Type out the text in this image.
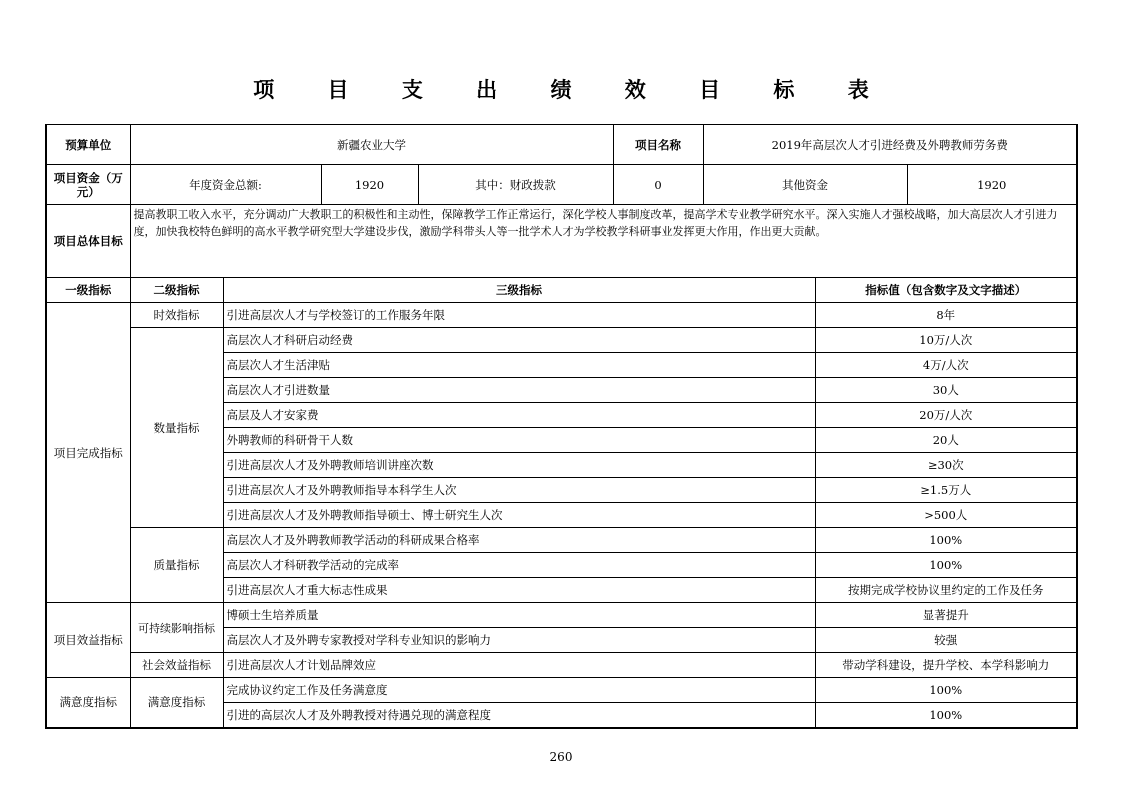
项 目 支 出 绩 效 目 标 表
预算单位	新疆农业大学				项目名称	2019年高层次人才引进经费及外聘教师劳务费		
项目资金（万元）	年度资金总额:		1920	其中：财政拨款	0	其他资金		1920
项目总体目标	提高教职工收入水平，充分调动广大教职工的积极性和主动性，保障教学工作正常运行，深化学校人事制度改革，提高学术专业教学研究水平。深入实施人才强校战略，加大高层次人才引进力度，加快我校特色鲜明的高水平教学研究型大学建设步伐，激励学科带头人等一批学术人才为学校教学科研事业发挥更大作用，作出更大贡献。							
一级指标	二级指标	三级指标					指标值（包含数字及文字描述）	
项目完成指标	时效指标	引进高层次人才与学校签订的工作服务年限					8年	
	数量指标	高层次人才科研启动经费					10万/人次	
		高层次人才生活津贴					4万/人次	
		高层次人才引进数量					30人	
		高层及人才安家费					20万/人次	
		外聘教师的科研骨干人数					20人	
		引进高层次人才及外聘教师培训讲座次数					≥30次	
		引进高层次人才及外聘教师指导本科学生人次					≥1.5万人	
		引进高层次人才及外聘教师指导硕士、博士研究生人次					>500人	
	质量指标	高层次人才及外聘教师教学活动的科研成果合格率					100%	
		高层次人才科研教学活动的完成率					100%	
		引进高层次人才重大标志性成果					按期完成学校协议里约定的工作及任务	
项目效益指标	可持续影响指标	博硕士生培养质量					显著提升	
		高层次人才及外聘专家教授对学科专业知识的影响力					较强	
	社会效益指标	引进高层次人才计划品牌效应					带动学科建设，提升学校、本学科影响力	
满意度指标	满意度指标	完成协议约定工作及任务满意度					100%	
		引进的高层次人才及外聘教授对待遇兑现的满意程度					100%	
260
